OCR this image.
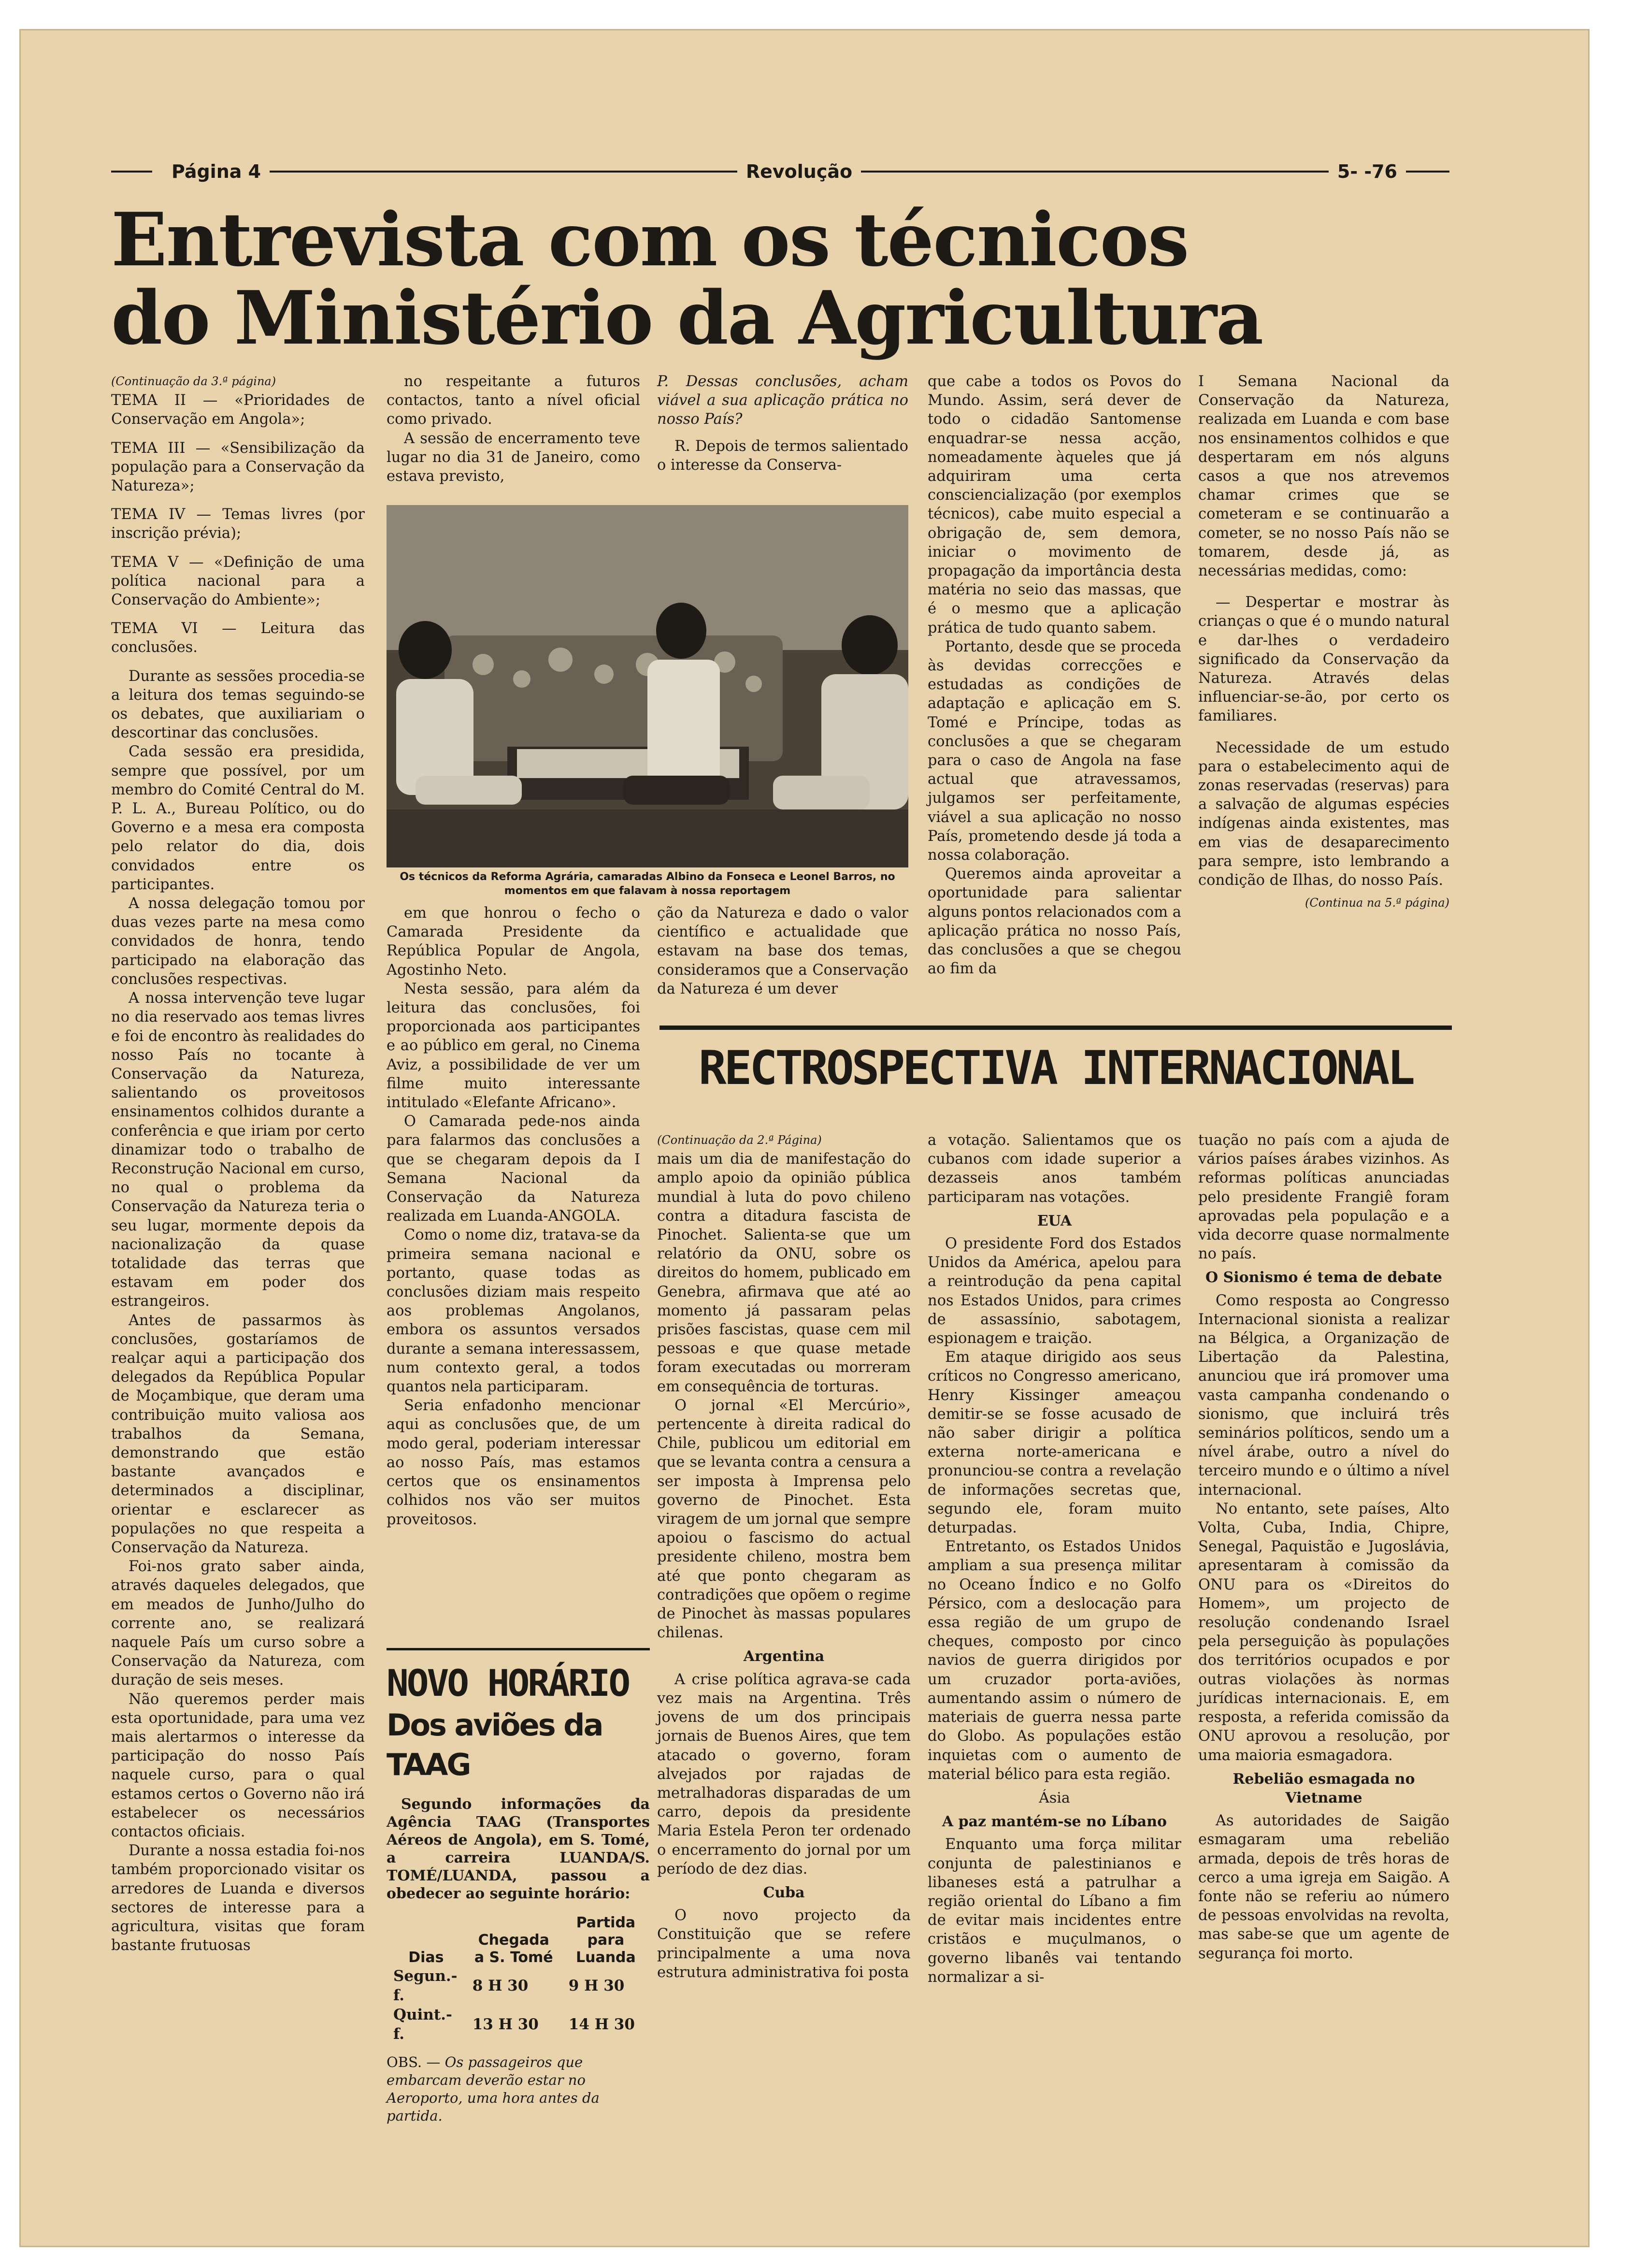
Página 4	Revolução	5- -76
Entrevista com os técnicos
do Ministério da Agricultura

(Continuação da 3.ª página)

TEMA II — «Prioridades de Conservação em Angola»;

TEMA III — «Sensibilização da população para a Conservação da Natureza»;

TEMA IV — Temas livres (por inscrição prévia);

TEMA V — «Definição de uma política nacional para a Conservação do Ambiente»;

TEMA VI — Leitura das conclusões.

Durante as sessões procedia-se a leitura dos temas seguindo-se os debates, que auxiliariam o descortinar das conclusões.

Cada sessão era presidida, sempre que possível, por um membro do Comité Central do M. P. L. A., Bureau Político, ou do Governo e a mesa era composta pelo relator do dia, dois convidados entre os participantes.

A nossa delegação tomou por duas vezes parte na mesa como convidados de honra, tendo participado na elaboração das conclusões respectivas.

A nossa intervenção teve lugar no dia reservado aos temas livres e foi de encontro às realidades do nosso País no tocante à Conservação da Natureza, salientando os proveitosos ensinamentos colhidos durante a conferência e que iriam por certo dinamizar todo o trabalho de Reconstrução Nacional em curso, no qual o problema da Conservação da Natureza teria o seu lugar, mormente depois da nacionalização da quase totalidade das terras que estavam em poder dos estrangeiros.

Antes de passarmos às conclusões, gostaríamos de realçar aqui a participação dos delegados da República Popular de Moçambique, que deram uma contribuição muito valiosa aos trabalhos da Semana, demonstrando que estão bastante avançados e determinados a disciplinar, orientar e esclarecer as populações no que respeita a Conservação da Natureza.

Foi-nos grato saber ainda, através daqueles delegados, que em meados de Junho/Julho do corrente ano, se realizará naquele País um curso sobre a Conservação da Natureza, com duração de seis meses.

Não queremos perder mais esta oportunidade, para uma vez mais alertarmos o interesse da participação do nosso País naquele curso, para o qual estamos certos o Governo não irá estabelecer os necessários contactos oficiais.

Durante a nossa estadia foi-nos também proporcionado visitar os arredores de Luanda e diversos sectores de interesse para a agricultura, visitas que foram bastante frutuosas

no respeitante a futuros contactos, tanto a nível oficial como privado.

A sessão de encerramento teve lugar no dia 31 de Janeiro, como estava previsto,

P. Dessas conclusões, acham viável a sua aplicação prática no nosso País?

R. Depois de termos salientado o interesse da Conserva-

Os técnicos da Reforma Agrária, camaradas Albino da Fonseca e Leonel Barros, no momentos em que falavam à nossa reportagem

em que honrou o fecho o Camarada Presidente da República Popular de Angola, Agostinho Neto.

Nesta sessão, para além da leitura das conclusões, foi proporcionada aos participantes e ao público em geral, no Cinema Aviz, a possibilidade de ver um filme muito interessante intitulado «Elefante Africano».

O Camarada pede-nos ainda para falarmos das conclusões a que se chegaram depois da I Semana Nacional da Conservação da Natureza realizada em Luanda-ANGOLA.

Como o nome diz, tratava-se da primeira semana nacional e portanto, quase todas as conclusões diziam mais respeito aos problemas Angolanos, embora os assuntos versados durante a semana interessassem, num contexto geral, a todos quantos nela participaram.

Seria enfadonho mencionar aqui as conclusões que, de um modo geral, poderiam interessar ao nosso País, mas estamos certos que os ensinamentos colhidos nos vão ser muitos proveitosos.

ção da Natureza e dado o valor científico e actualidade que estavam na base dos temas, consideramos que a Conservação da Natureza é um dever

que cabe a todos os Povos do Mundo. Assim, será dever de todo o cidadão Santomense enquadrar-se nessa acção, nomeadamente àqueles que já adquiriram uma certa consciencialização (por exemplos técnicos), cabe muito especial a obrigação de, sem demora, iniciar o movimento de propagação da importância desta matéria no seio das massas, que é o mesmo que a aplicação prática de tudo quanto sabem.

Portanto, desde que se proceda às devidas correcções e estudadas as condições de adaptação e aplicação em S. Tomé e Príncipe, todas as conclusões a que se chegaram para o caso de Angola na fase actual que atravessamos, julgamos ser perfeitamente, viável a sua aplicação no nosso País, prometendo desde já toda a nossa colaboração.

Queremos ainda aproveitar a oportunidade para salientar alguns pontos relacionados com a aplicação prática no nosso País, das conclusões a que se chegou ao fim da

I Semana Nacional da Conservação da Natureza, realizada em Luanda e com base nos ensinamentos colhidos e que despertaram em nós alguns casos a que nos atrevemos chamar crimes que se cometeram e se continuarão a cometer, se no nosso País não se tomarem, desde já, as necessárias medidas, como:

— Despertar e mostrar às crianças o que é o mundo natural e dar-lhes o verdadeiro significado da Conservação da Natureza. Através delas influenciar-se-ão, por certo os familiares.

Necessidade de um estudo para o estabelecimento aqui de zonas reservadas (reservas) para a salvação de algumas espécies indígenas ainda existentes, mas em vias de desaparecimento para sempre, isto lembrando a condição de Ilhas, do nosso País.

(Continua na 5.ª página)

NOVO HORÁRIO
Dos aviões da TAAG

Segundo informações da Agência TAAG (Transportes Aéreos de Angola), em S. Tomé, a carreira LUANDA/S. TOMÉ/LUANDA, passou a obedecer ao seguinte horário:

Dias	Chegada a S. Tomé	Partida para Luanda
Segun.-f.	8 H 30	9 H 30
Quint.-f.	13 H 30	14 H 30
OBS. — Os passageiros que embarcam deverão estar no Aeroporto, uma hora antes da partida.
RECTROSPECTIVA INTERNACIONAL

(Continuação da 2.ª Página)

mais um dia de manifestação do amplo apoio da opinião pública mundial à luta do povo chileno contra a ditadura fascista de Pinochet. Salienta-se que um relatório da ONU, sobre os direitos do homem, publicado em Genebra, afirmava que até ao momento já passaram pelas prisões fascistas, quase cem mil pessoas e que quase metade foram executadas ou morreram em consequência de torturas.

O jornal «El Mercúrio», pertencente à direita radical do Chile, publicou um editorial em que se levanta contra a censura a ser imposta à Imprensa pelo governo de Pinochet. Esta viragem de um jornal que sempre apoiou o fascismo do actual presidente chileno, mostra bem até que ponto chegaram as contradições que opõem o regime de Pinochet às massas populares chilenas.

Argentina

A crise política agrava-se cada vez mais na Argentina. Três jovens de um dos principais jornais de Buenos Aires, que tem atacado o governo, foram alvejados por rajadas de metralhadoras disparadas de um carro, depois da presidente Maria Estela Peron ter ordenado o encerramento do jornal por um período de dez dias.

Cuba

O novo projecto da Constituição que se refere principalmente a uma nova estrutura administrativa foi posta

a votação. Salientamos que os cubanos com idade superior a dezasseis anos também participaram nas votações.

EUA

O presidente Ford dos Estados Unidos da América, apelou para a reintrodução da pena capital nos Estados Unidos, para crimes de assassínio, sabotagem, espionagem e traição.

Em ataque dirigido aos seus críticos no Congresso americano, Henry Kissinger ameaçou demitir-se se fosse acusado de não saber dirigir a política externa norte-americana e pronunciou-se contra a revelação de informações secretas que, segundo ele, foram muito deturpadas.

Entretanto, os Estados Unidos ampliam a sua presença militar no Oceano Índico e no Golfo Pérsico, com a deslocação para essa região de um grupo de cheques, composto por cinco navios de guerra dirigidos por um cruzador porta-aviões, aumentando assim o número de materiais de guerra nessa parte do Globo. As populações estão inquietas com o aumento de material bélico para esta região.

Ásia
A paz mantém-se no Líbano

Enquanto uma força militar conjunta de palestinianos e libaneses está a patrulhar a região oriental do Líbano a fim de evitar mais incidentes entre cristãos e muçulmanos, o governo libanês vai tentando normalizar a si-

tuação no país com a ajuda de vários países árabes vizinhos. As reformas políticas anunciadas pelo presidente Frangiê foram aprovadas pela população e a vida decorre quase normalmente no país.

O Sionismo é tema de debate

Como resposta ao Congresso Internacional sionista a realizar na Bélgica, a Organização de Libertação da Palestina, anunciou que irá promover uma vasta campanha condenando o sionismo, que incluirá três seminários políticos, sendo um a nível árabe, outro a nível do terceiro mundo e o último a nível internacional.

No entanto, sete países, Alto Volta, Cuba, India, Chipre, Senegal, Paquistão e Jugoslávia, apresentaram à comissão da ONU para os «Direitos do Homem», um projecto de resolução condenando Israel pela perseguição às populações dos territórios ocupados e por outras violações às normas jurídicas internacionais. E, em resposta, a referida comissão da ONU aprovou a resolução, por uma maioria esmagadora.

Rebelião esmagada no Vietname

As autoridades de Saigão esmagaram uma rebelião armada, depois de três horas de cerco a uma igreja em Saigão. A fonte não se referiu ao número de pessoas envolvidas na revolta, mas sabe-se que um agente de segurança foi morto.
